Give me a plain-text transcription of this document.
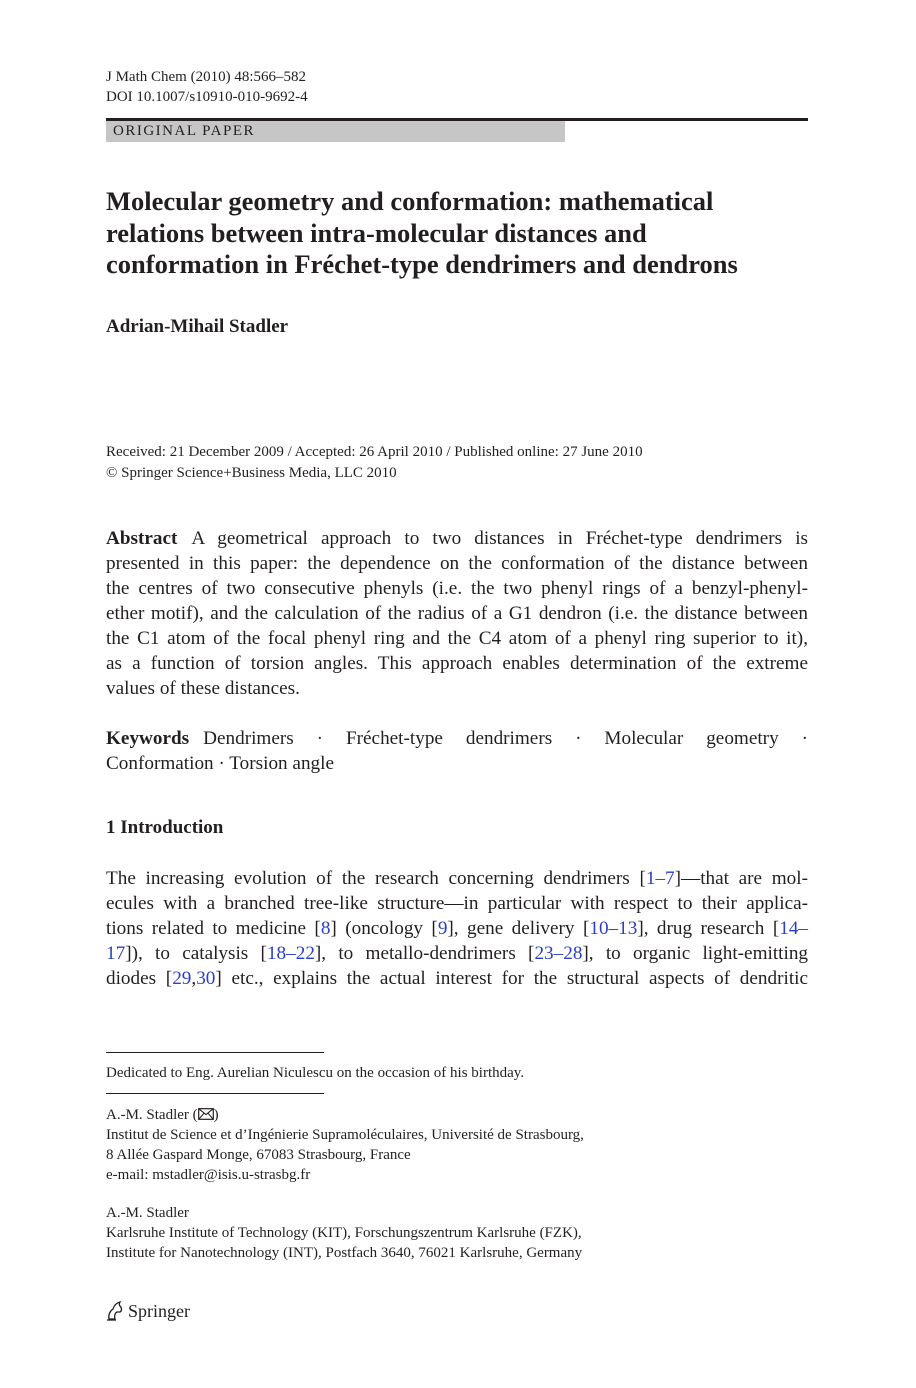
J Math Chem (2010) 48:566–582
DOI 10.1007/s10910-010-9692-4
ORIGINAL PAPER
Molecular geometry and conformation: mathematical
relations between intra-molecular distances and
conformation in Fréchet-type dendrimers and dendrons
Adrian-Mihail Stadler
Received: 21 December 2009 / Accepted: 26 April 2010 / Published online: 27 June 2010
© Springer Science+Business Media, LLC 2010
Abstract A geometrical approach to two distances in Fréchet-type dendrimers is
presented in this paper: the dependence on the conformation of the distance between
the centres of two consecutive phenyls (i.e. the two phenyl rings of a benzyl-phenyl-
ether motif), and the calculation of the radius of a G1 dendron (i.e. the distance between
the C1 atom of the focal phenyl ring and the C4 atom of a phenyl ring superior to it),
as a function of torsion angles. This approach enables determination of the extreme
values of these distances.
Keywords Dendrimers · Fréchet-type dendrimers · Molecular geometry ·
Conformation · Torsion angle
1 Introduction
The increasing evolution of the research concerning dendrimers [1–7]—that are mol-
ecules with a branched tree-like structure—in particular with respect to their applica-
tions related to medicine [8] (oncology [9], gene delivery [10–13], drug research [14–
17]), to catalysis [18–22], to metallo-dendrimers [23–28], to organic light-emitting
diodes [29,30] etc., explains the actual interest for the structural aspects of dendritic
Dedicated to Eng. Aurelian Niculescu on the occasion of his birthday.
A.-M. Stadler ( )
Institut de Science et d’Ingénierie Supramoléculaires, Université de Strasbourg,
8 Allée Gaspard Monge, 67083 Strasbourg, France
e-mail: mstadler@isis.u-strasbg.fr
A.-M. Stadler
Karlsruhe Institute of Technology (KIT), Forschungszentrum Karlsruhe (FZK),
Institute for Nanotechnology (INT), Postfach 3640, 76021 Karlsruhe, Germany
Springer
